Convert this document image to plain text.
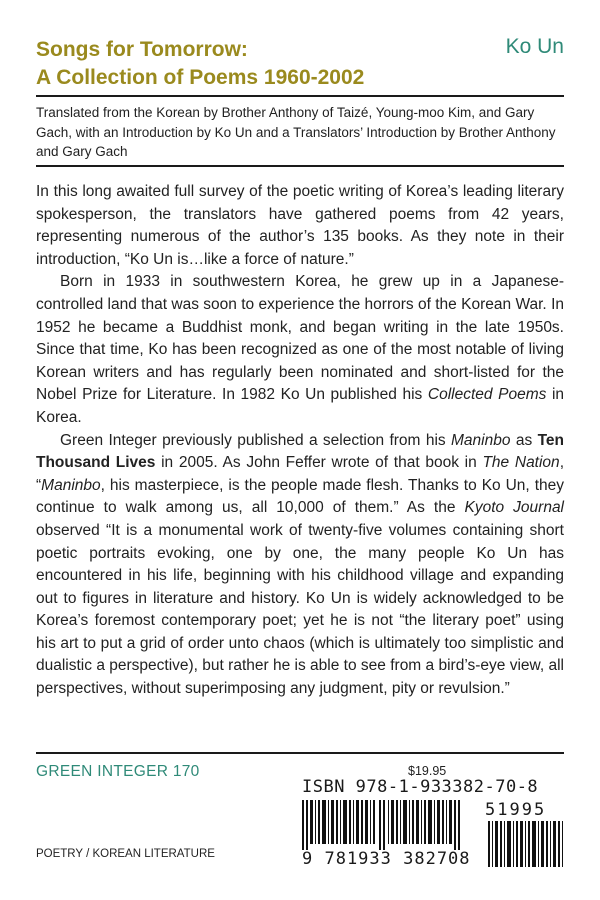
Songs for Tomorrow:
A Collection of Poems 1960-2002
Ko Un
Translated from the Korean by Brother Anthony of Taizé, Young-moo Kim, and Gary Gach, with an Introduction by Ko Un and a Translators’ Introduction by Brother Anthony and Gary Gach

In this long awaited full survey of the poetic writing of Korea’s leading literary spokesperson, the translators have gathered poems from 42 years, representing numerous of the author’s 135 books. As they note in their introduction, “Ko Un is…like a force of nature.”

Born in 1933 in southwestern Korea, he grew up in a Japanese-controlled land that was soon to experience the horrors of the Korean War. In 1952 he became a Buddhist monk, and began writing in the late 1950s. Since that time, Ko has been recognized as one of the most notable of living Korean writers and has regularly been nominated and short-listed for the Nobel Prize for Literature. In 1982 Ko Un published his Collected Poems in Korea.

Green Integer previously published a selection from his Maninbo as Ten Thousand Lives in 2005. As John Feffer wrote of that book in The Nation, “Maninbo, his masterpiece, is the people made flesh. Thanks to Ko Un, they continue to walk among us, all 10,000 of them.” As the Kyoto Journal observed “It is a monumental work of twenty-five volumes containing short poetic portraits evoking, one by one, the many people Ko Un has encountered in his life, beginning with his childhood village and expanding out to figures in literature and history. Ko Un is widely acknowledged to be Korea’s foremost contemporary poet; yet he is not “the literary poet” using his art to put a grid of order unto chaos (which is ultimately too simplistic and dualistic a perspective), but rather he is able to see from a bird’s-eye view, all perspectives, without superimposing any judgment, pity or revulsion.”

GREEN INTEGER 170
POETRY / KOREAN LITERATURE
$19.95
ISBN 978-1-933382-70-8
9 781933 382708
51995
